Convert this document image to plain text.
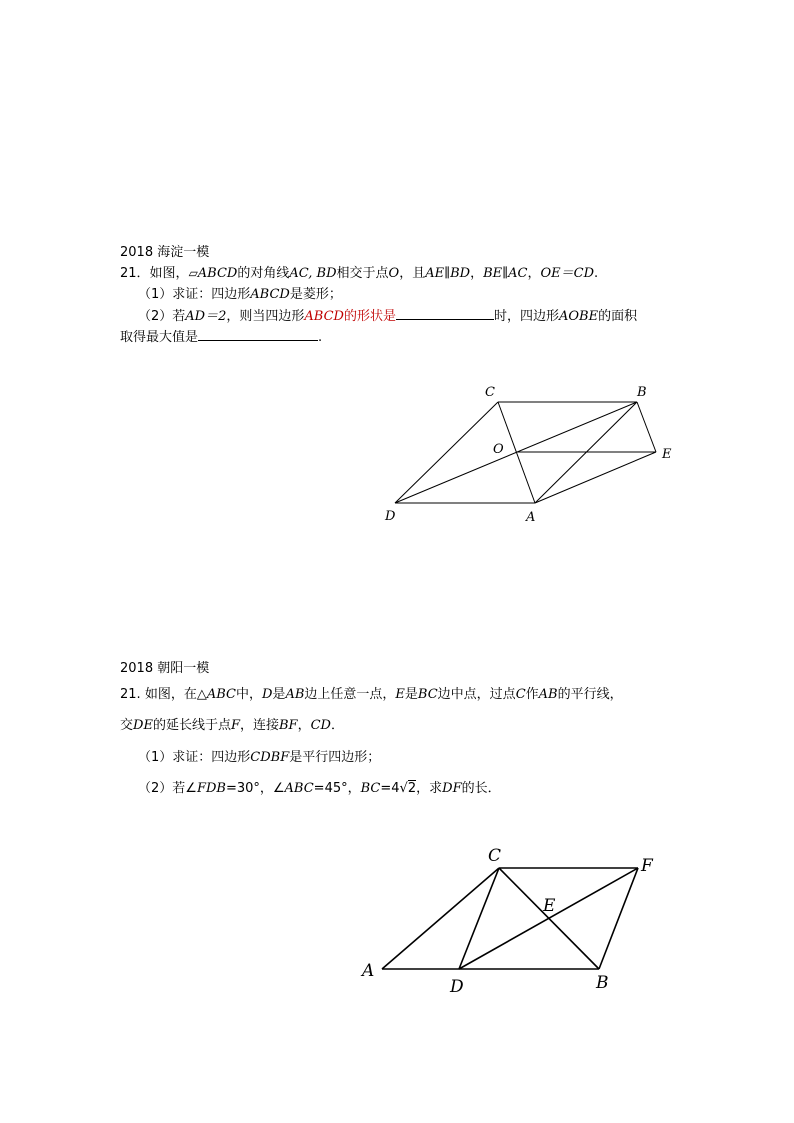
2018 海淀一模
21．如图，▱ABCD的对角线AC, BD相交于点O，且AE∥BD，BE∥AC，OE＝CD.
（1）求证：四边形ABCD是菱形；
（2）若AD＝2，则当四边形ABCD的形状是	时，四边形AOBE的面积
取得最大值是	.
C	B
O	E
D	A
2018 朝阳一模
21. 如图，在△ABC中，D是AB边上任意一点，E是BC边中点，过点C作AB的平行线，
交DE的延长线于点F，连接BF，CD．
（1）求证：四边形CDBF是平行四边形；
（2）若∠FDB=30°，∠ABC=45°，BC=4√2，求DF的长．
C	F
E
A
D	B
